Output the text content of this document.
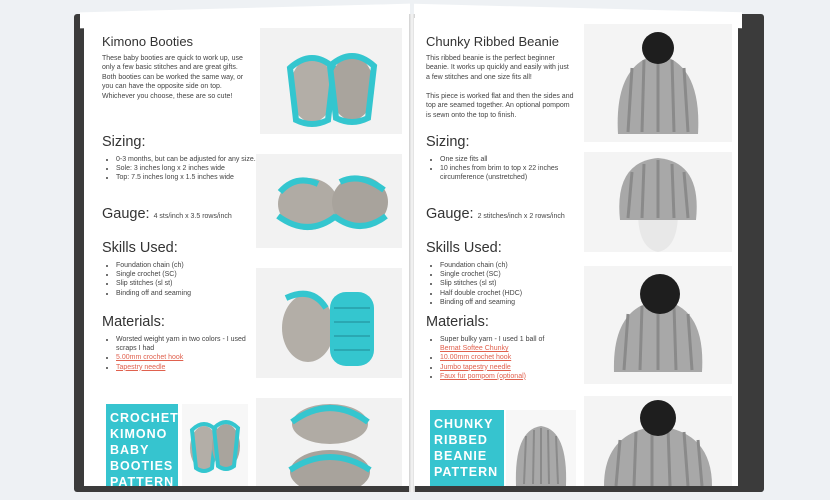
Kimono Booties
These baby booties are quick to work up, use only a few basic stitches and are great gifts. Both booties can be worked the same way, or you can have the opposite side on top. Whichever you choose, these are so cute!
Sizing:
• 0-3 months, but can be adjusted for any size.
• Sole: 3 inches long x 2 inches wide
• Top: 7.5 inches long x 1.5 inches wide
Gauge: 4 sts/inch x 3.5 rows/inch
Skills Used:
• Foundation chain (ch)
• Single crochet (SC)
• Slip stitches (sl st)
• Binding off and seaming
Materials:
• Worsted weight yarn in two colors - I used scraps I had
• 5.00mm crochet hook
• Tapestry needle
CROCHET KIMONO BABY BOOTIES PATTERN
Chunky Ribbed Beanie
This ribbed beanie is the perfect beginner beanie. It works up quickly and easily with just a few stitches and one size fits all!
This piece is worked flat and then the sides and top are seamed together. An optional pompom is sewn onto the top to finish.
Sizing:
• One size fits all
• 10 inches from brim to top x 22 inches circumference (unstretched)
Gauge: 2 stitches/inch x 2 rows/inch
Skills Used:
• Foundation chain (ch)
• Single crochet (SC)
• Slip stitches (sl st)
• Half double crochet (HDC)
• Binding off and seaming
Materials:
• Super bulky yarn - I used 1 ball of
Bernat Softee Chunky
• 10.00mm crochet hook
• Jumbo tapestry needle
• Faux fur pompom (optional)
CHUNKY RIBBED BEANIE PATTERN
